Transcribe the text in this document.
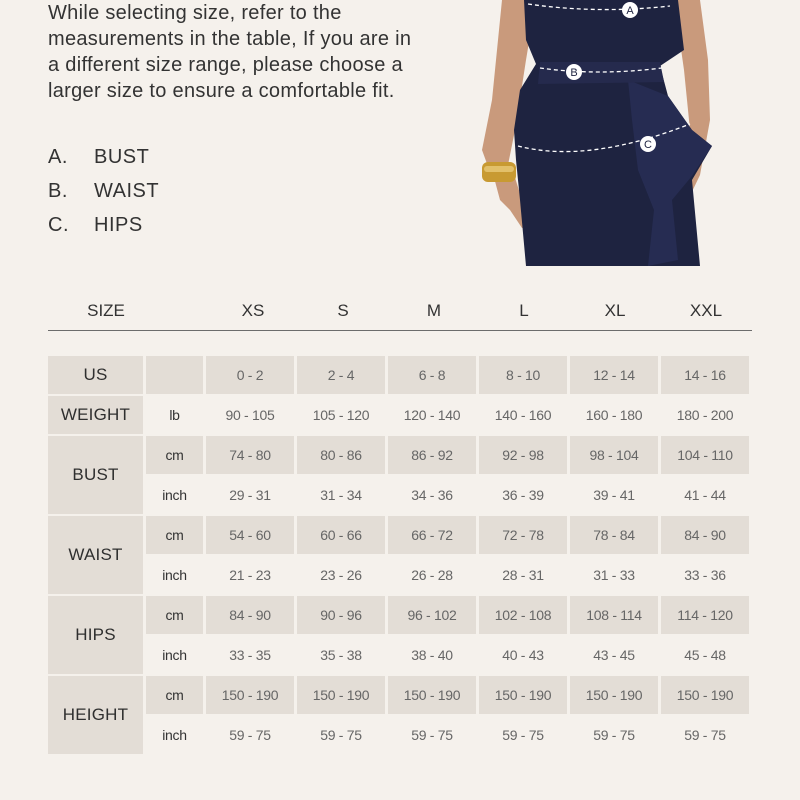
While selecting size, refer to the
measurements in the table, If you are in
a different size range, please choose a
larger size to ensure a comfortable fit.
A.	BUST
B.	WAIST
C.	HIPS
A
B
C
SIZE	XS	S	M	L	XL	XXL
US	0 - 2	2 - 4	6 - 8	8 - 10	12 - 14	14 - 16
WEIGHT	lb	90 - 105	105 - 120	120 - 140	140 - 160	160 - 180	180 - 200
BUST
cm	74 - 80	80 - 86	86 - 92	92 - 98	98 - 104	104 - 110
inch	29 - 31	31 - 34	34 - 36	36 - 39	39 - 41	41 - 44
WAIST
cm	54 - 60	60 - 66	66 - 72	72 - 78	78 - 84	84 - 90
inch	21 - 23	23 - 26	26 - 28	28 - 31	31 - 33	33 - 36
HIPS
cm	84 - 90	90 - 96	96 - 102	102 - 108	108 - 114	114 - 120
inch	33 - 35	35 - 38	38 - 40	40 - 43	43 - 45	45 - 48
HEIGHT
cm	150 - 190	150 - 190	150 - 190	150 - 190	150 - 190	150 - 190
inch	59 - 75	59 - 75	59 - 75	59 - 75	59 - 75	59 - 75
